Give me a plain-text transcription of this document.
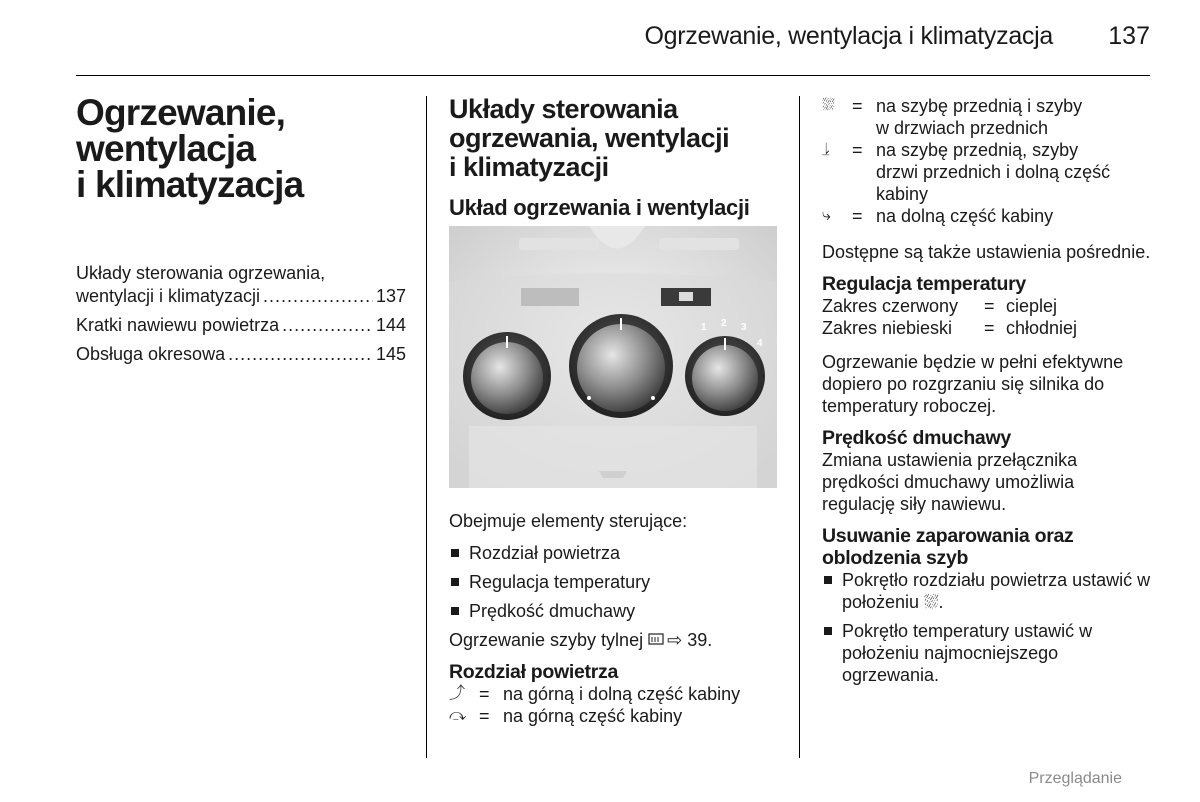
Ogrzewanie, wentylacja i klimatyzacja 137
Ogrzewanie,
wentylacja
i klimatyzacja
Układy sterowania ogrzewania,
wentylacji i klimatyzacji .....	137
Kratki nawiewu powietrza .....	144
Obsługa okresowa .....	145
Układy sterowania
ogrzewania, wentylacji
i klimatyzacji
Układ ogrzewania i wentylacji
1 2 3
4

Obejmuje elementy sterujące:

Rozdział powietrza
Regulacja temperatury
Prędkość dmuchawy

Ogrzewanie szyby tylnej ⇨ 39.

Rozdział powietrza
⤴ = na górną i dolną część kabiny
⤼ = na górną część kabiny
⛆ = na szybę przednią i szyby
w drzwiach przednich
⥕	= na szybę przednią, szyby
drzwi przednich i dolną część
kabiny
⤷	= na dolną część kabiny

Dostępne są także ustawienia pośrednie.

Regulacja temperatury
Zakres czerwony	= cieplej
Zakres niebieski	= chłodniej

Ogrzewanie będzie w pełni efektywne dopiero po rozgrzaniu się silnika do temperatury roboczej.

Prędkość dmuchawy

Zmiana ustawienia przełącznika prędkości dmuchawy umożliwia regulację siły nawiewu.

Usuwanie zaparowania oraz
oblodzenia szyb
Pokrętło rozdziału powietrza ustawić w położeniu ⛆.
Pokrętło temperatury ustawić w położeniu najmocniejszego ogrzewania.
Przeglądanie
